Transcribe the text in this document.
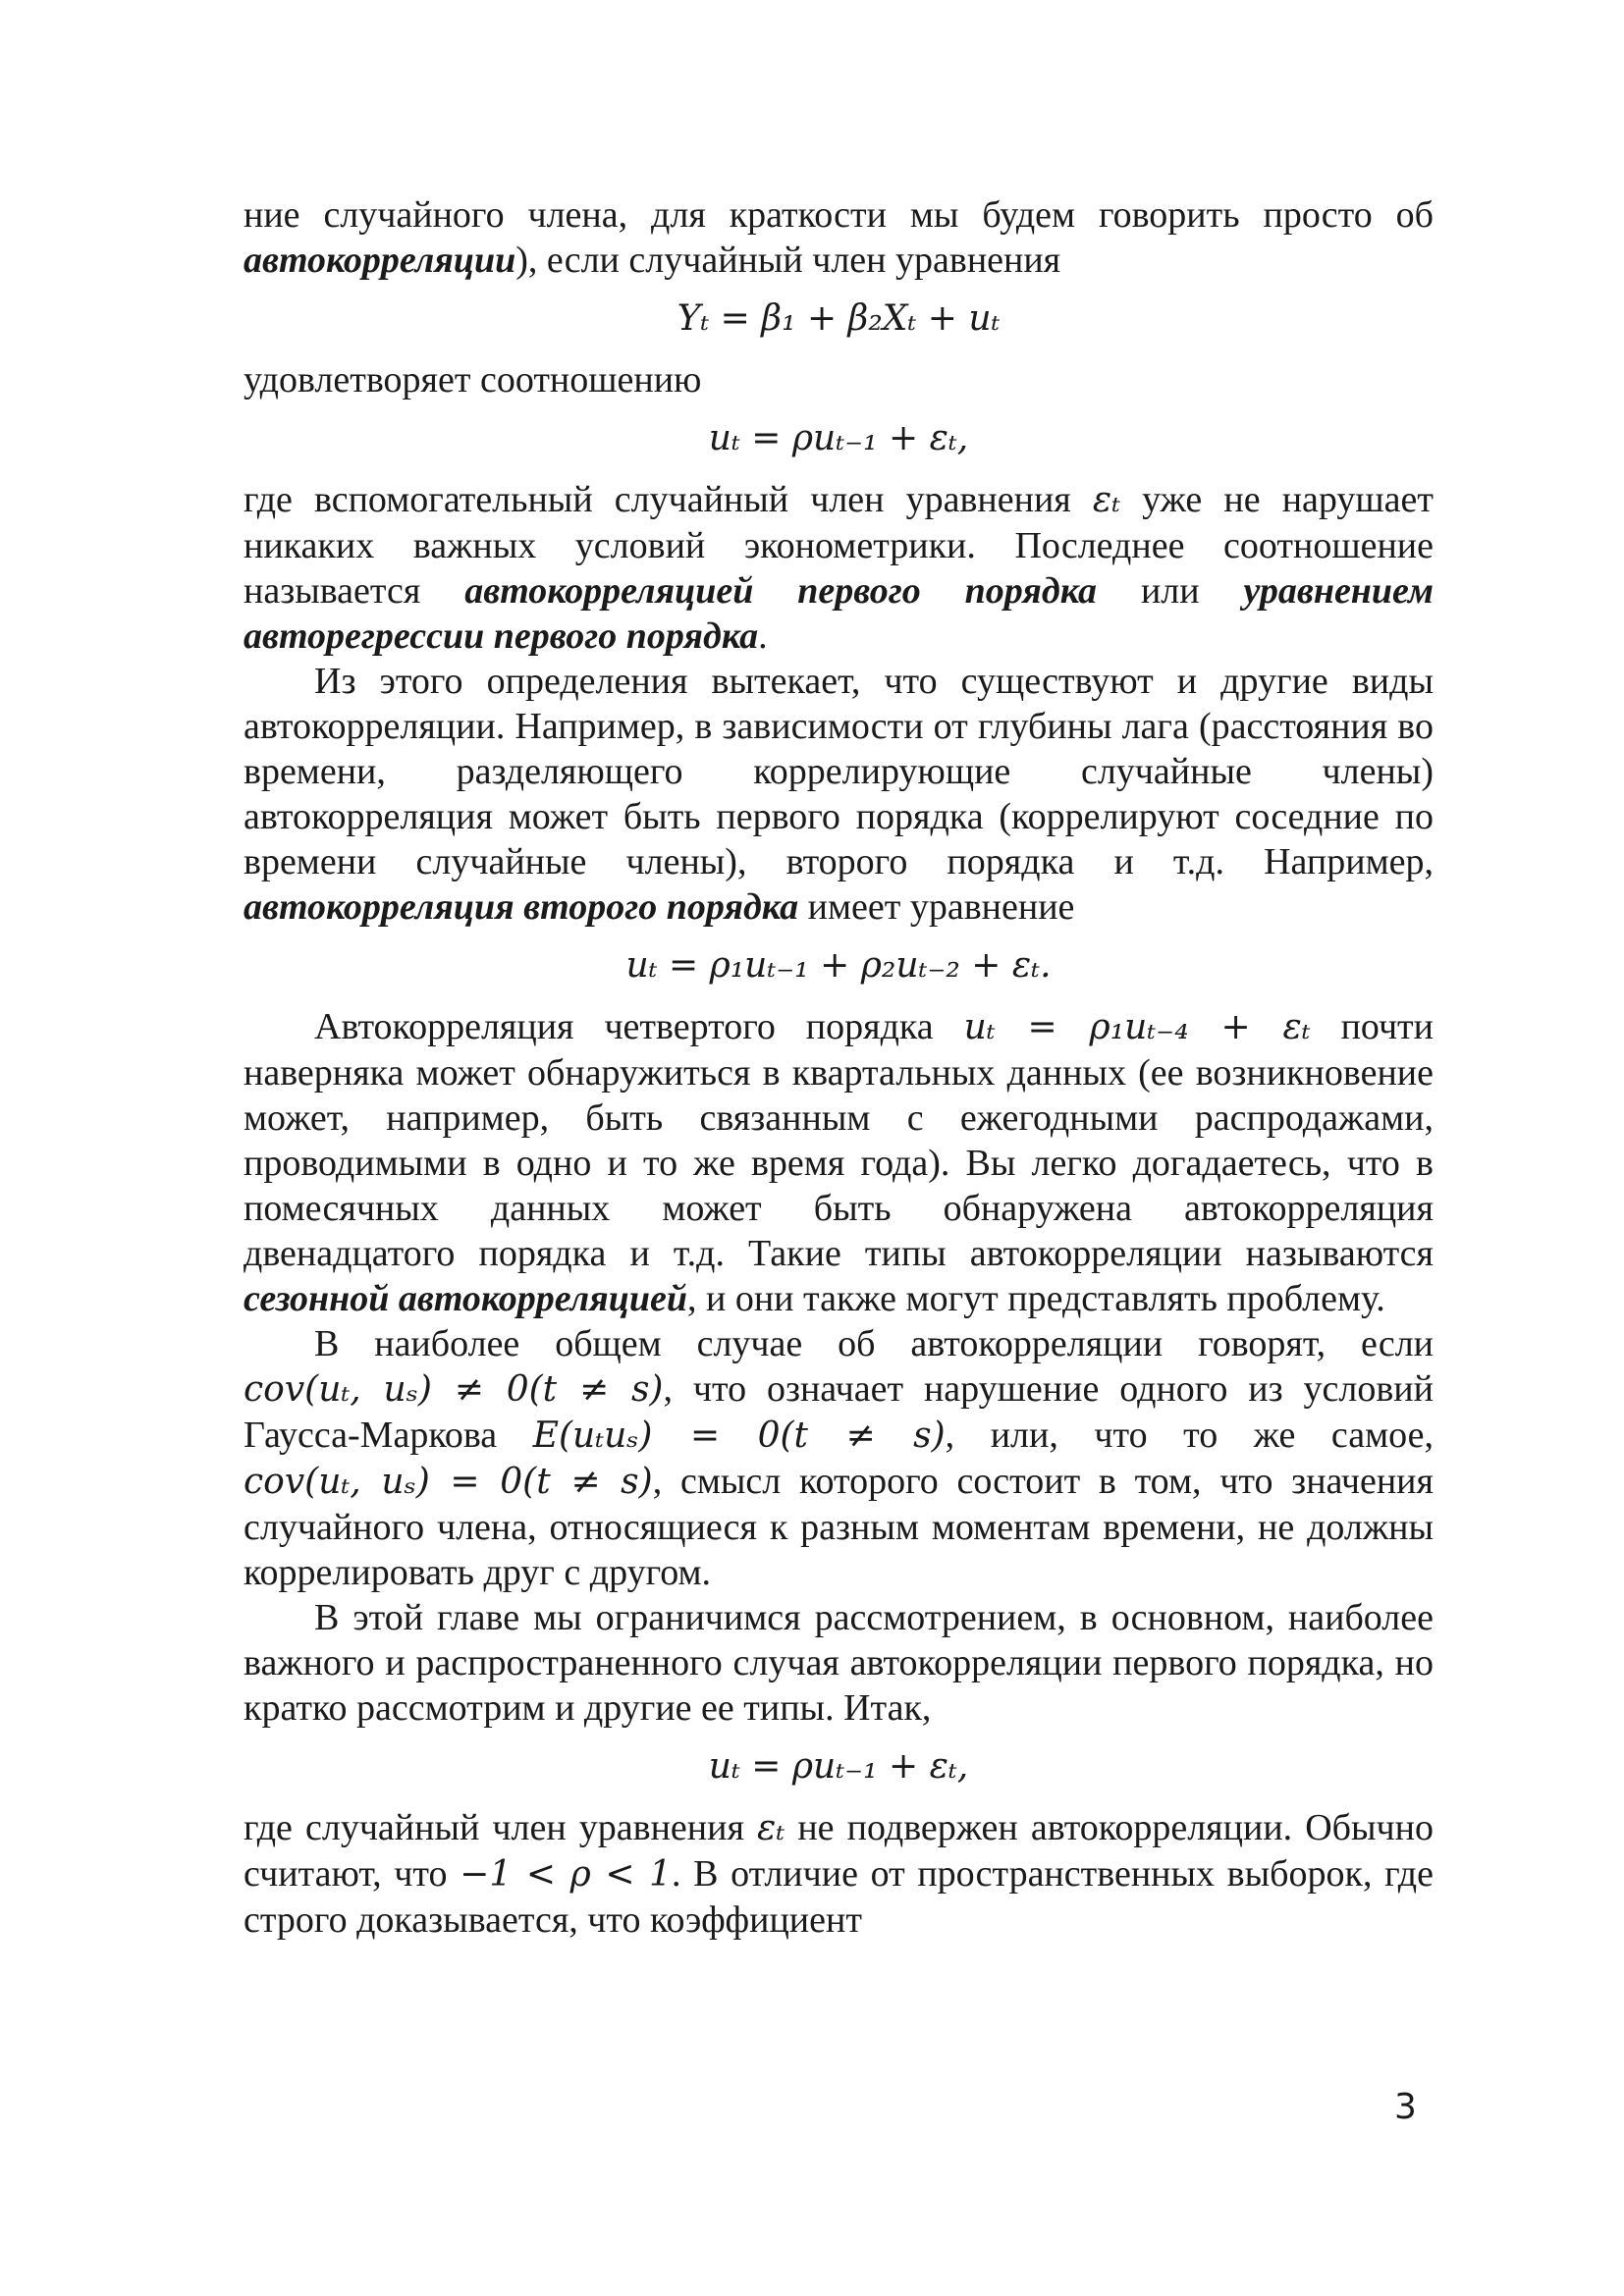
ние случайного члена, для краткости мы будем говорить просто об автокорреляции), если случайный член уравнения

Yₜ = β₁ + β₂Xₜ + uₜ

удовлетворяет соотношению

uₜ = ρuₜ₋₁ + εₜ,

где вспомогательный случайный член уравнения εₜ уже не нарушает никаких важных условий эконометрики. Последнее соотношение называется автокорреляцией первого порядка или уравнением авторегрессии первого порядка.

Из этого определения вытекает, что существуют и другие виды автокорреляции. Например, в зависимости от глубины лага (расстояния во времени, разделяющего коррелирующие случайные члены) автокорреляция может быть первого порядка (коррелируют соседние по времени случайные члены), второго порядка и т.д. Например, автокорреляция второго порядка имеет уравнение

uₜ = ρ₁uₜ₋₁ + ρ₂uₜ₋₂ + εₜ.

Автокорреляция четвертого порядка uₜ = ρ₁uₜ₋₄ + εₜ почти наверняка может обнаружиться в квартальных данных (ее возникновение может, например, быть связанным с ежегодными распродажами, проводимыми в одно и то же время года). Вы легко догадаетесь, что в помесячных данных может быть обнаружена автокорреляция двенадцатого порядка и т.д. Такие типы автокорреляции называются сезонной автокорреляцией, и они также могут представлять проблему.

В наиболее общем случае об автокорреляции говорят, если cov(uₜ, uₛ) ≠ 0(t ≠ s), что означает нарушение одного из условий Гаусса-Маркова E(uₜuₛ) = 0(t ≠ s), или, что то же самое, cov(uₜ, uₛ) = 0(t ≠ s), смысл которого состоит в том, что значения случайного члена, относящиеся к разным моментам времени, не должны коррелировать друг с другом.

В этой главе мы ограничимся рассмотрением, в основном, наиболее важного и распространенного случая автокорреляции первого порядка, но кратко рассмотрим и другие ее типы. Итак,

uₜ = ρuₜ₋₁ + εₜ,

где случайный член уравнения εₜ не подвержен автокорреляции. Обычно считают, что −1 < ρ < 1. В отличие от пространственных выборок, где строго доказывается, что коэффициент

3
